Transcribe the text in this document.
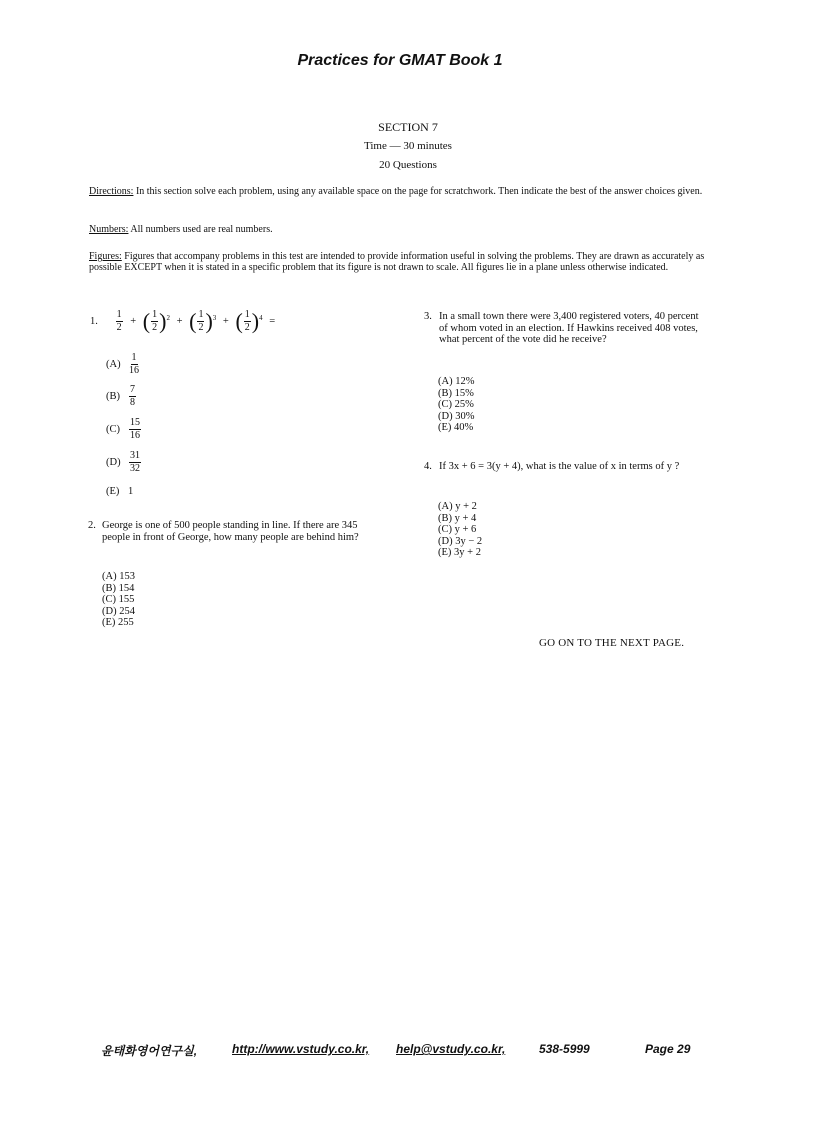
Practices for GMAT Book 1
SECTION 7
Time — 30 minutes
20 Questions
Directions: In this section solve each problem, using any available space on the page for scratchwork. Then indicate the best of the answer choices given.
Numbers: All numbers used are real numbers.
Figures: Figures that accompany problems in this test are intended to provide information useful in solving the problems. They are drawn as accurately as possible EXCEPT when it is stated in a specific problem that its figure is not drawn to scale. All figures lie in a plane unless otherwise indicated.
1. $\frac{1}{2}$ + ( $\frac{1}{2} )^2$ + ( $\frac{1}{2} )^3$ + ( $\frac{1}{2} )^4$ =
$(A) \frac{1}{16}$
$(B) \frac{7}{8}$
$(C) \frac{15}{16}$
$(D) \frac{31}{32}$
(E) 1
2. George is one of 500 people standing in line. If there are 345 people in front of George, how many people are behind him?
(A) 153
(B) 154
(C) 155
(D) 254
(E) 255
3. In a small town there were 3,400 registered voters, 40 percent of whom voted in an election. If Hawkins received 408 votes, what percent of the vote did he receive?
(A) 12%
(B) 15%
(C) 25%
(D) 30%
(E) 40%
4. If 3x + 6 = 3(y + 4), what is the value of x in terms of y ?
(A) y + 2
(B) y + 4
(C) y + 6
(D) 3y − 2
(E) 3y + 2
GO ON TO THE NEXT PAGE.
윤태화영어연구실,	http://www.vstudy.co.kr, help@vstudy.co.kr,	538-5999	Page 29
